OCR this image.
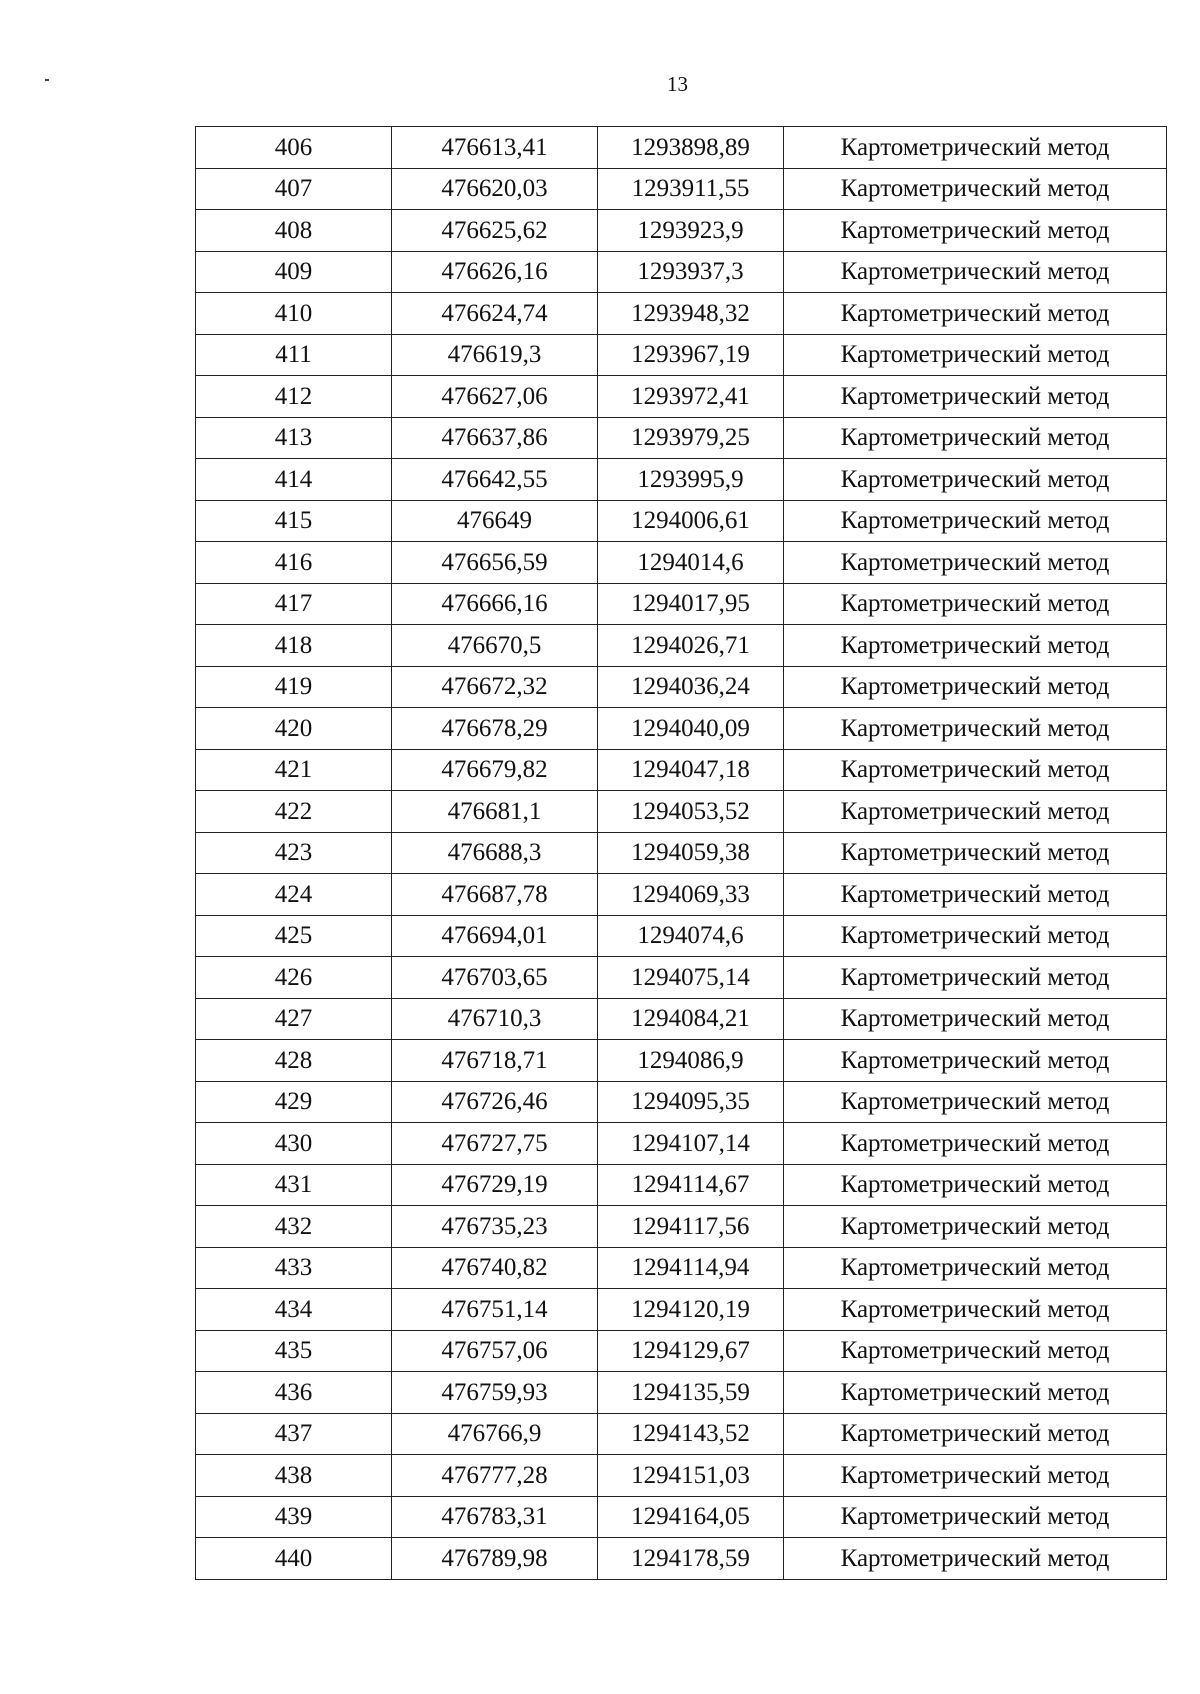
13
406	476613,41	1293898,89	Картометрический метод
407	476620,03	1293911,55	Картометрический метод
408	476625,62	1293923,9	Картометрический метод
409	476626,16	1293937,3	Картометрический метод
410	476624,74	1293948,32	Картометрический метод
411	476619,3	1293967,19	Картометрический метод
412	476627,06	1293972,41	Картометрический метод
413	476637,86	1293979,25	Картометрический метод
414	476642,55	1293995,9	Картометрический метод
415	476649	1294006,61	Картометрический метод
416	476656,59	1294014,6	Картометрический метод
417	476666,16	1294017,95	Картометрический метод
418	476670,5	1294026,71	Картометрический метод
419	476672,32	1294036,24	Картометрический метод
420	476678,29	1294040,09	Картометрический метод
421	476679,82	1294047,18	Картометрический метод
422	476681,1	1294053,52	Картометрический метод
423	476688,3	1294059,38	Картометрический метод
424	476687,78	1294069,33	Картометрический метод
425	476694,01	1294074,6	Картометрический метод
426	476703,65	1294075,14	Картометрический метод
427	476710,3	1294084,21	Картометрический метод
428	476718,71	1294086,9	Картометрический метод
429	476726,46	1294095,35	Картометрический метод
430	476727,75	1294107,14	Картометрический метод
431	476729,19	1294114,67	Картометрический метод
432	476735,23	1294117,56	Картометрический метод
433	476740,82	1294114,94	Картометрический метод
434	476751,14	1294120,19	Картометрический метод
435	476757,06	1294129,67	Картометрический метод
436	476759,93	1294135,59	Картометрический метод
437	476766,9	1294143,52	Картометрический метод
438	476777,28	1294151,03	Картометрический метод
439	476783,31	1294164,05	Картометрический метод
440	476789,98	1294178,59	Картометрический метод
